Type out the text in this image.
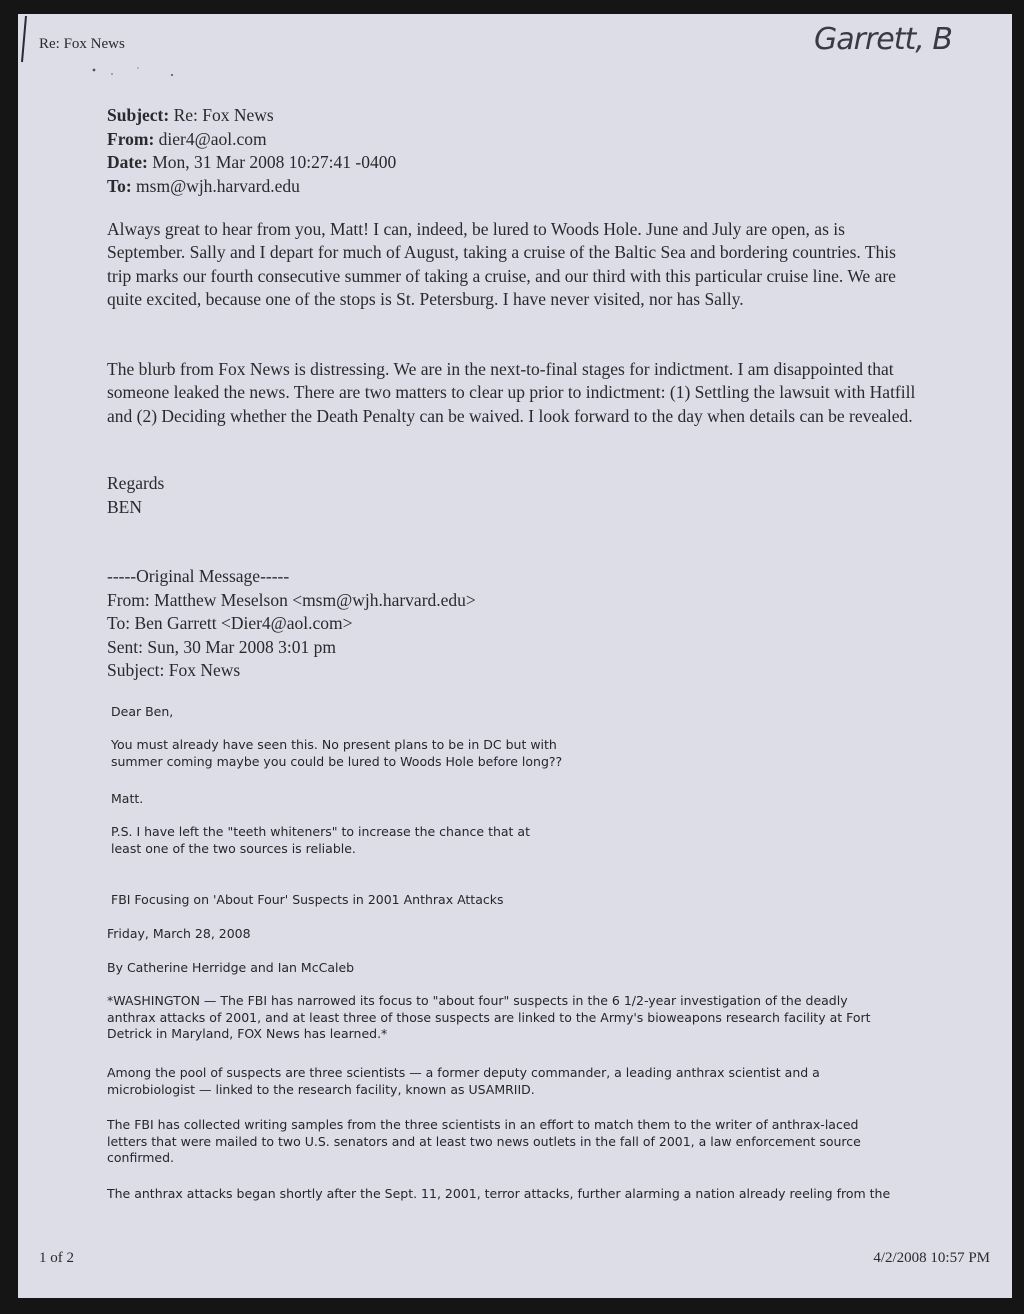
Re: Fox News	Garrett, B
Subject: Re: Fox News
From: dier4@aol.com
Date: Mon, 31 Mar 2008 10:27:41 -0400
To: msm@wjh.harvard.edu
Always great to hear from you, Matt! I can, indeed, be lured to Woods Hole. June and July are open, as is September. Sally and I depart for much of August, taking a cruise of the Baltic Sea and bordering countries. This trip marks our fourth consecutive summer of taking a cruise, and our third with this particular cruise line. We are quite excited, because one of the stops is St. Petersburg. I have never visited, nor has Sally.
The blurb from Fox News is distressing. We are in the next-to-final stages for indictment. I am disappointed that someone leaked the news. There are two matters to clear up prior to indictment: (1) Settling the lawsuit with Hatfill and (2) Deciding whether the Death Penalty can be waived. I look forward to the day when details can be revealed.
Regards
BEN
-----Original Message-----
From: Matthew Meselson <msm@wjh.harvard.edu>
To: Ben Garrett <Dier4@aol.com>
Sent: Sun, 30 Mar 2008 3:01 pm
Subject: Fox News
Dear Ben,
You must already have seen this. No present plans to be in DC but with summer coming maybe you could be lured to Woods Hole before long??
Matt.
P.S. I have left the "teeth whiteners" to increase the chance that at least one of the two sources is reliable.
FBI Focusing on 'About Four' Suspects in 2001 Anthrax Attacks
Friday, March 28, 2008
By Catherine Herridge and Ian McCaleb
*WASHINGTON — The FBI has narrowed its focus to "about four" suspects in the 6 1/2-year investigation of the deadly anthrax attacks of 2001, and at least three of those suspects are linked to the Army's bioweapons research facility at Fort Detrick in Maryland, FOX News has learned.*
Among the pool of suspects are three scientists — a former deputy commander, a leading anthrax scientist and a microbiologist — linked to the research facility, known as USAMRIID.
The FBI has collected writing samples from the three scientists in an effort to match them to the writer of anthrax-laced letters that were mailed to two U.S. senators and at least two news outlets in the fall of 2001, a law enforcement source confirmed.
The anthrax attacks began shortly after the Sept. 11, 2001, terror attacks, further alarming a nation already reeling from the
1 of 2	4/2/2008 10:57 PM
